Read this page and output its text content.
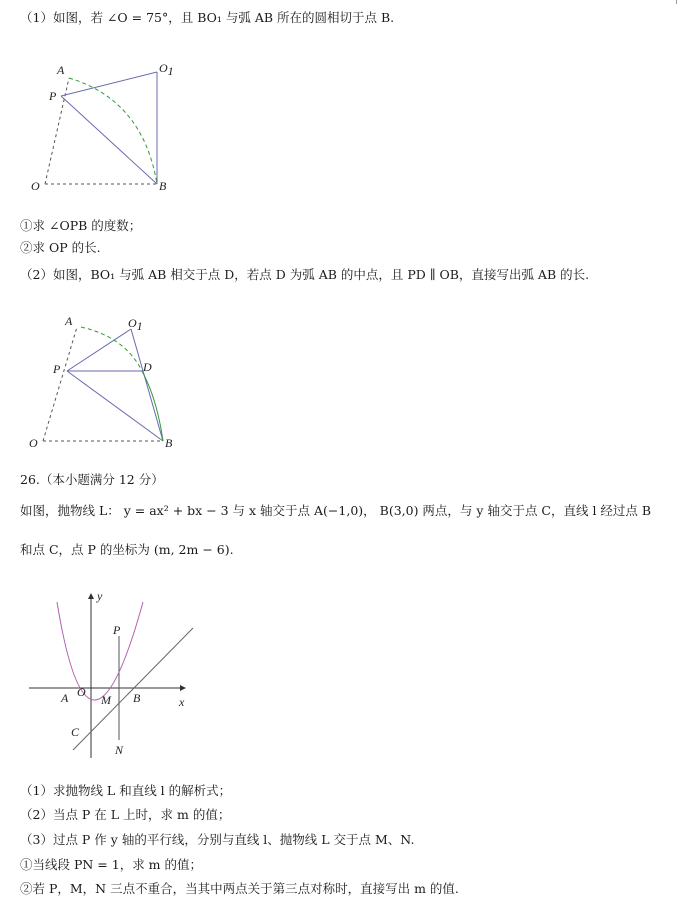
（1）如图，若 ∠O = 75°，且 BO₁ 与弧 AB 所在的圆相切于点 B.
A
P
O
O1
B
①求 ∠OPB 的度数；
②求 OP 的长.
（2）如图，BO₁ 与弧 AB 相交于点 D，若点 D 为弧 AB 的中点，且 PD ∥ OB，直接写出弧 AB 的长.
A
P
O
O1
D
B
26.（本小题满分 12 分）
如图，抛物线 L： y = ax² + bx − 3 与 x 轴交于点 A(−1,0)， B(3,0) 两点，与 y 轴交于点 C，直线 l 经过点 B
和点 C，点 P 的坐标为 (m, 2m − 6).
y
x
P
A O
M B
C
N
（1）求抛物线 L 和直线 l 的解析式；
（2）当点 P 在 L 上时，求 m 的值；
（3）过点 P 作 y 轴的平行线，分别与直线 l、抛物线 L 交于点 M、N.
①当线段 PN = 1，求 m 的值；
②若 P，M，N 三点不重合，当其中两点关于第三点对称时，直接写出 m 的值.
